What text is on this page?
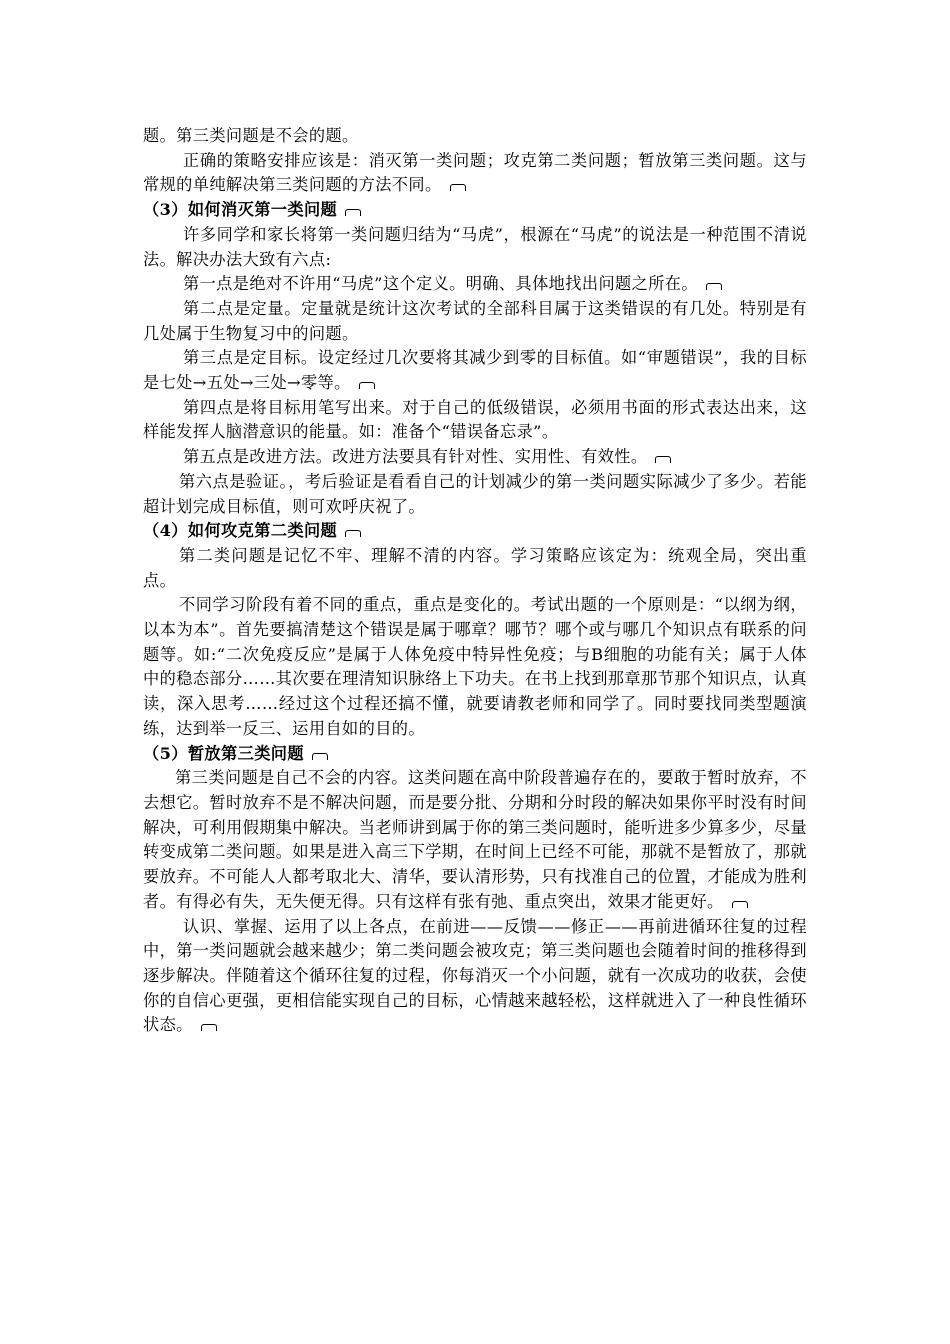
题。第三类问题是不会的题。

正确的策略安排应该是：消灭第一类问题；攻克第二类问题；暂放第三类问题。这与常规的单纯解决第三类问题的方法不同。

（3）如何消灭第一类问题

许多同学和家长将第一类问题归结为“马虎”，根源在“马虎”的说法是一种范围不清说法。解决办法大致有六点:

第一点是绝对不许用“马虎”这个定义。明确、具体地找出问题之所在。

第二点是定量。定量就是统计这次考试的全部科目属于这类错误的有几处。特别是有几处属于生物复习中的问题。

第三点是定目标。设定经过几次要将其减少到零的目标值。如“审题错误”，我的目标是七处→五处→三处→零等。

第四点是将目标用笔写出来。对于自己的低级错误，必须用书面的形式表达出来，这样能发挥人脑潜意识的能量。如：准备个“错误备忘录”。

第五点是改进方法。改进方法要具有针对性、实用性、有效性。

第六点是验证。，考后验证是看看自己的计划减少的第一类问题实际减少了多少。若能超计划完成目标值，则可欢呼庆祝了。

（4）如何攻克第二类问题

第二类问题是记忆不牢、理解不清的内容。学习策略应该定为：统观全局，突出重点。

不同学习阶段有着不同的重点，重点是变化的。考试出题的一个原则是：“以纲为纲，以本为本”。首先要搞清楚这个错误是属于哪章？哪节？哪个或与哪几个知识点有联系的问题等。如:“二次免疫反应”是属于人体免疫中特异性免疫；与B细胞的功能有关；属于人体中的稳态部分……其次要在理清知识脉络上下功夫。在书上找到那章那节那个知识点，认真读，深入思考……经过这个过程还搞不懂，就要请教老师和同学了。同时要找同类型题演练，达到举一反三、运用自如的目的。

（5）暂放第三类问题

第三类问题是自己不会的内容。这类问题在高中阶段普遍存在的，要敢于暂时放弃，不去想它。暂时放弃不是不解决问题，而是要分批、分期和分时段的解决如果你平时没有时间解决，可利用假期集中解决。当老师讲到属于你的第三类问题时，能听进多少算多少，尽量转变成第二类问题。如果是进入高三下学期，在时间上已经不可能，那就不是暂放了，那就要放弃。不可能人人都考取北大、清华，要认清形势，只有找准自己的位置，才能成为胜利者。有得必有失，无失便无得。只有这样有张有弛、重点突出，效果才能更好。

认识、掌握、运用了以上各点，在前进——反馈——修正——再前进循环往复的过程中，第一类问题就会越来越少；第二类问题会被攻克；第三类问题也会随着时间的推移得到逐步解决。伴随着这个循环往复的过程，你每消灭一个小问题，就有一次成功的收获，会使你的自信心更强，更相信能实现自己的目标，心情越来越轻松，这样就进入了一种良性循环状态。
